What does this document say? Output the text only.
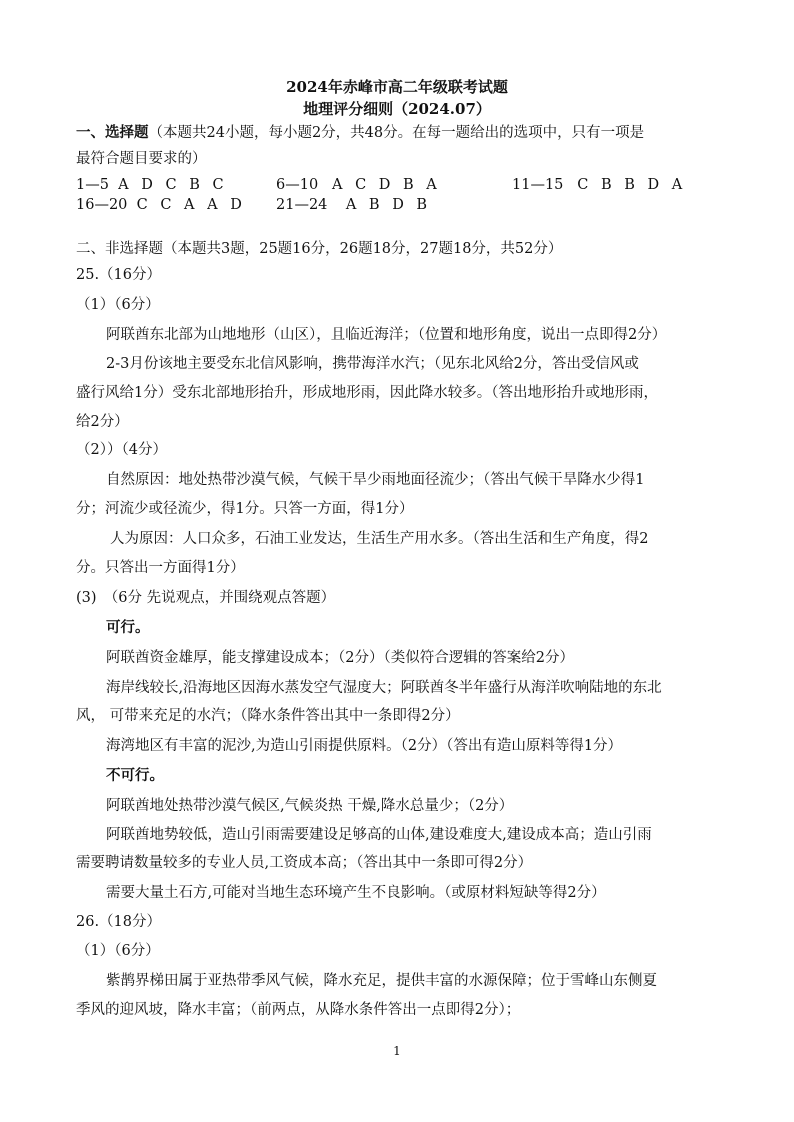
2024年赤峰市高二年级联考试题
地理评分细则（2024.07）
一、选择题（本题共24小题，每小题2分，共48分。在每一题给出的选项中，只有一项是
最符合题目要求的）
1—5 A D C B C	6—10 A C D B A	11—15 C B B D A
16—20 C C A A D 21—24 A B D B
二、非选择题（本题共3题，25题16分，26题18分，27题18分，共52分）
25.（16分）
（1）（6分）
阿联酋东北部为山地地形（山区），且临近海洋；（位置和地形角度，说出一点即得2分）
2-3月份该地主要受东北信风影响，携带海洋水汽；（见东北风给2分，答出受信风或
盛行风给1分）受东北部地形抬升，形成地形雨，因此降水较多。（答出地形抬升或地形雨，
给2分）
（2））（4分）
自然原因：地处热带沙漠气候，气候干旱少雨地面径流少；（答出气候干旱降水少得1
分；河流少或径流少，得1分。只答一方面，得1分）
人为原因：人口众多，石油工业发达，生活生产用水多。（答出生活和生产角度，得2
分。只答出一方面得1分）
(3)　（6分 先说观点，并围绕观点答题）
可行。
阿联酋资金雄厚，能支撑建设成本；（2分）（类似符合逻辑的答案给2分）
海岸线较长,沿海地区因海水蒸发空气湿度大；阿联酋冬半年盛行从海洋吹响陆地的东北
风， 可带来充足的水汽；（降水条件答出其中一条即得2分）
海湾地区有丰富的泥沙,为造山引雨提供原料。（2分）（答出有造山原料等得1分）
不可行。
阿联酋地处热带沙漠气候区,气候炎热 干燥,降水总量少；（2分）
阿联酋地势较低，造山引雨需要建设足够高的山体,建设难度大,建设成本高；造山引雨
需要聘请数量较多的专业人员,工资成本高；（答出其中一条即可得2分）
需要大量土石方,可能对当地生态环境产生不良影响。（或原材料短缺等得2分）
26.（18分）
（1）（6分）
紫鹊界梯田属于亚热带季风气候，降水充足，提供丰富的水源保障；位于雪峰山东侧夏
季风的迎风坡，降水丰富；（前两点，从降水条件答出一点即得2分）；
1
